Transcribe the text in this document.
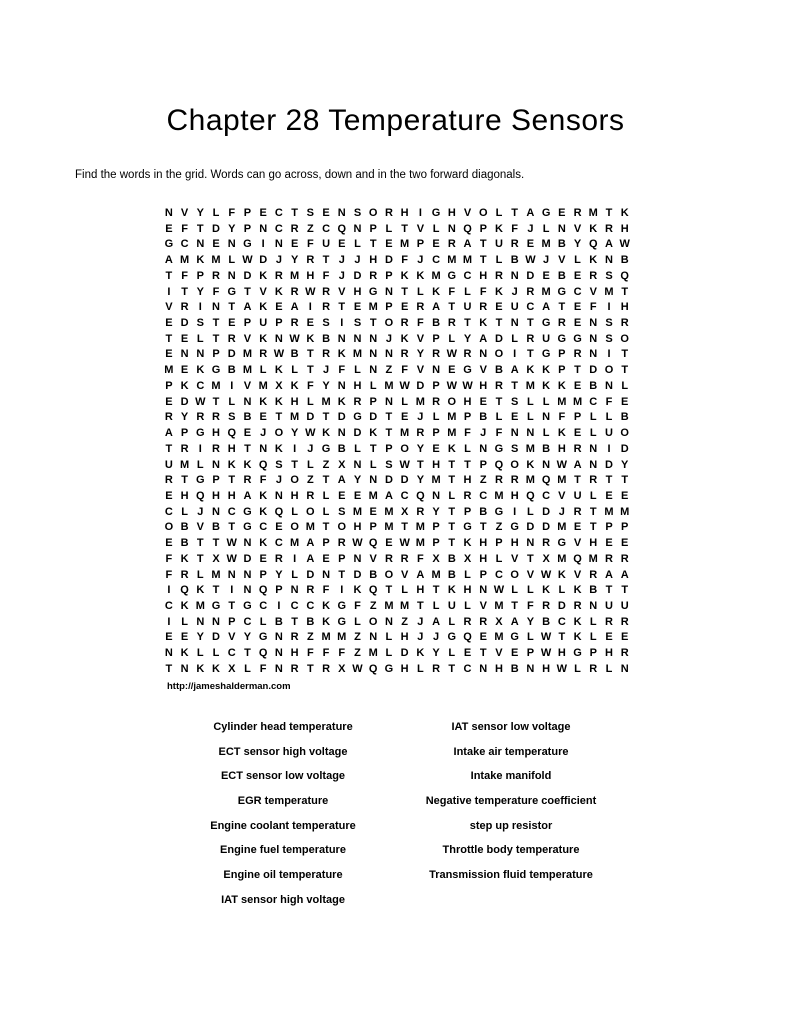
Chapter 28 Temperature Sensors

Find the words in the grid. Words can go across, down and in the two forward diagonals.

N V Y L F P E C T S E N S O R H I G H V O L T A G E R M T K
E F T D Y P N C R Z C Q N P L T V L N Q P K F J L N V K R H
G C N E N G I N E F U E L T E M P E R A T U R E M B Y Q A W
A M K M L W D J Y R T J J H D F J C M M T L B W J V L K N B
T F P R N D K R M H F J D R P K K M G C H R N D E B E R S Q
I T Y F G T V K R W R V H G N T L K F L F K J R M G C V M T
V R I N T A K E A I R T E M P E R A T U R E U C A T E F I H
E D S T E P U P R E S I S T O R F B R T K T N T G R E N S R
T E L T R V K N W K B N N N J K V P L Y A D L R U G G N S O
E N N P D M R W B T R K M N N R Y R W R N O I T G P R N I T
M E K G B M L K L T J F L N Z F V N E G V B A K K P T D O T
P K C M I V M X K F Y N H L M W D P W W H R T M K K E B N L
E D W T L N K K H L M K R P N L M R O H E T S L L M M C F E
R Y R R S B E T M D T D G D T E J L M P B L E L N F P L L B
A P G H Q E J O Y W K N D K T M R P M F J F N N L K E L U O
T R I R H T N K I	J G B L T P O Y E K L N G S M B H R N I D
U M L N K K Q S T L Z X N L S W T H T T P Q O K N W A N D Y
R T G P T R F J O Z T A Y N D D Y M T H Z R R M Q M T R T T
E H Q H H A K N H R L E E M A C Q N L R C M H Q C V U L E E
C L J N C G K Q L O L S M E M X R Y T P B G I L D J R T M M
O B V B T G C E O M T O H P M T M P T G T Z G D D M E T P P
E B T T W N K C M A P R W Q E W M P T K H P H N R G V H E E
F K T X W D E R I A E P N V R R F X B X H L V T X M Q M R R
F R L M N N P Y L D N T D B O V A M B L P C O V W K V R A A
I Q K T I N Q P N R F I K Q T L H T K H N W L L K L K B T T
C K M G T G C I C C K G F Z M M T L U L V M T F R D R N U U
I L N N P C L B T B K G L O N Z J A L R R X A Y B C K L R R
E E Y D V Y G N R Z M M Z N L H J J G Q E M G L W T K L E E
N K L L C T Q N H F F F Z M L D K Y L E T V E P W H G P H R
T N K K X L F N R T R X W Q G H L R T C N H B N H W L R L N
http://jameshalderman.com
Cylinder head temperature
ECT sensor high voltage
ECT sensor low voltage
EGR temperature
Engine coolant temperature
Engine fuel temperature
Engine oil temperature
IAT sensor high voltage
IAT sensor low voltage
Intake air temperature
Intake manifold
Negative temperature coefficient
step up resistor
Throttle body temperature
Transmission fluid temperature
